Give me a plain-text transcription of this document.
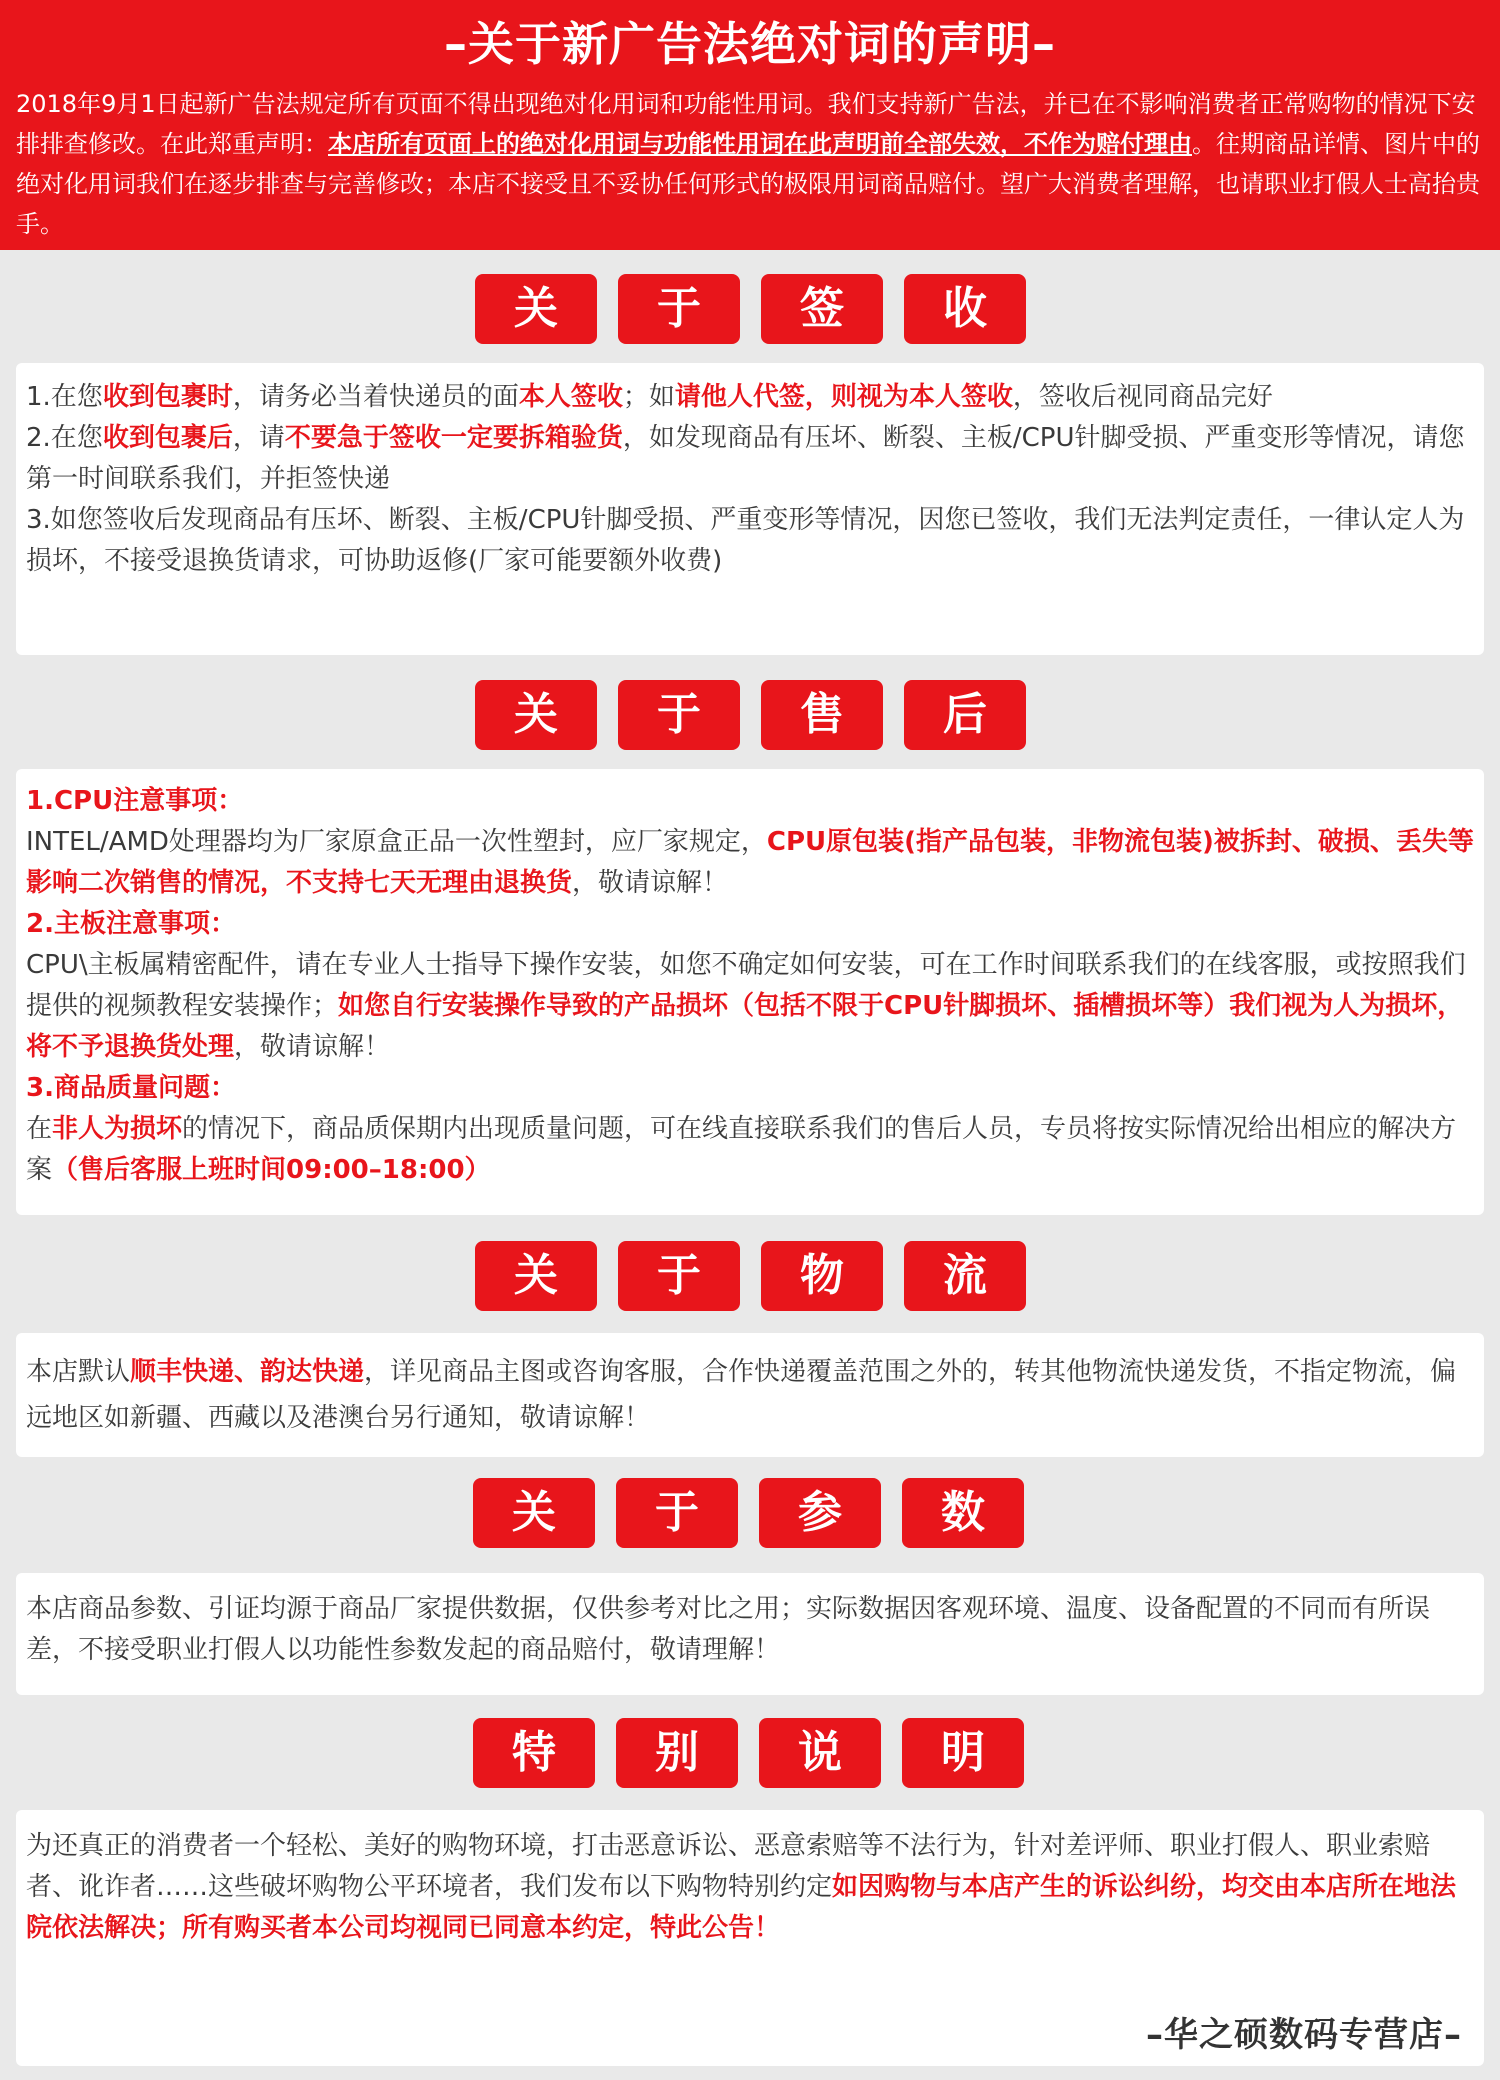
–关于新广告法绝对词的声明–
2018年9月1日起新广告法规定所有页面不得出现绝对化用词和功能性用词。我们支持新广告法，并已在不影响消费者正常购物的情况下安排排查修改。在此郑重声明：本店所有页面上的绝对化用词与功能性用词在此声明前全部失效，不作为赔付理由。往期商品详情、图片中的绝对化用词我们在逐步排查与完善修改；本店不接受且不妥协任何形式的极限用词商品赔付。望广大消费者理解，也请职业打假人士高抬贵手。
关	于	签	收

1.在您收到包裹时，请务必当着快递员的面本人签收；如请他人代签，则视为本人签收，签收后视同商品完好

2.在您收到包裹后，请不要急于签收一定要拆箱验货，如发现商品有压坏、断裂、主板/CPU针脚受损、严重变形等情况，请您第一时间联系我们，并拒签快递

3.如您签收后发现商品有压坏、断裂、主板/CPU针脚受损、严重变形等情况，因您已签收，我们无法判定责任，一律认定人为损坏，不接受退换货请求，可协助返修(厂家可能要额外收费)

关	于	售	后

1.CPU注意事项：

INTEL/AMD处理器均为厂家原盒正品一次性塑封，应厂家规定，CPU原包装(指产品包装，非物流包装)被拆封、破损、丢失等影响二次销售的情况，不支持七天无理由退换货，敬请谅解！

2.主板注意事项：

CPU\主板属精密配件，请在专业人士指导下操作安装，如您不确定如何安装，可在工作时间联系我们的在线客服，或按照我们提供的视频教程安装操作；如您自行安装操作导致的产品损坏（包括不限于CPU针脚损坏、插槽损坏等）我们视为人为损坏，将不予退换货处理，敬请谅解！

3.商品质量问题：

在非人为损坏的情况下，商品质保期内出现质量问题，可在线直接联系我们的售后人员，专员将按实际情况给出相应的解决方案（售后客服上班时间09:00–18:00）

关	于	物	流

本店默认顺丰快递、韵达快递，详见商品主图或咨询客服，合作快递覆盖范围之外的，转其他物流快递发货，不指定物流，偏远地区如新疆、西藏以及港澳台另行通知，敬请谅解！

关	于	参	数

本店商品参数、引证均源于商品厂家提供数据，仅供参考对比之用；实际数据因客观环境、温度、设备配置的不同而有所误差，不接受职业打假人以功能性参数发起的商品赔付，敬请理解！

特	别	说	明

为还真正的消费者一个轻松、美好的购物环境，打击恶意诉讼、恶意索赔等不法行为，针对差评师、职业打假人、职业索赔者、讹诈者……这些破坏购物公平环境者，我们发布以下购物特别约定如因购物与本店产生的诉讼纠纷，均交由本店所在地法院依法解决；所有购买者本公司均视同已同意本约定，特此公告！

–华之硕数码专营店–
